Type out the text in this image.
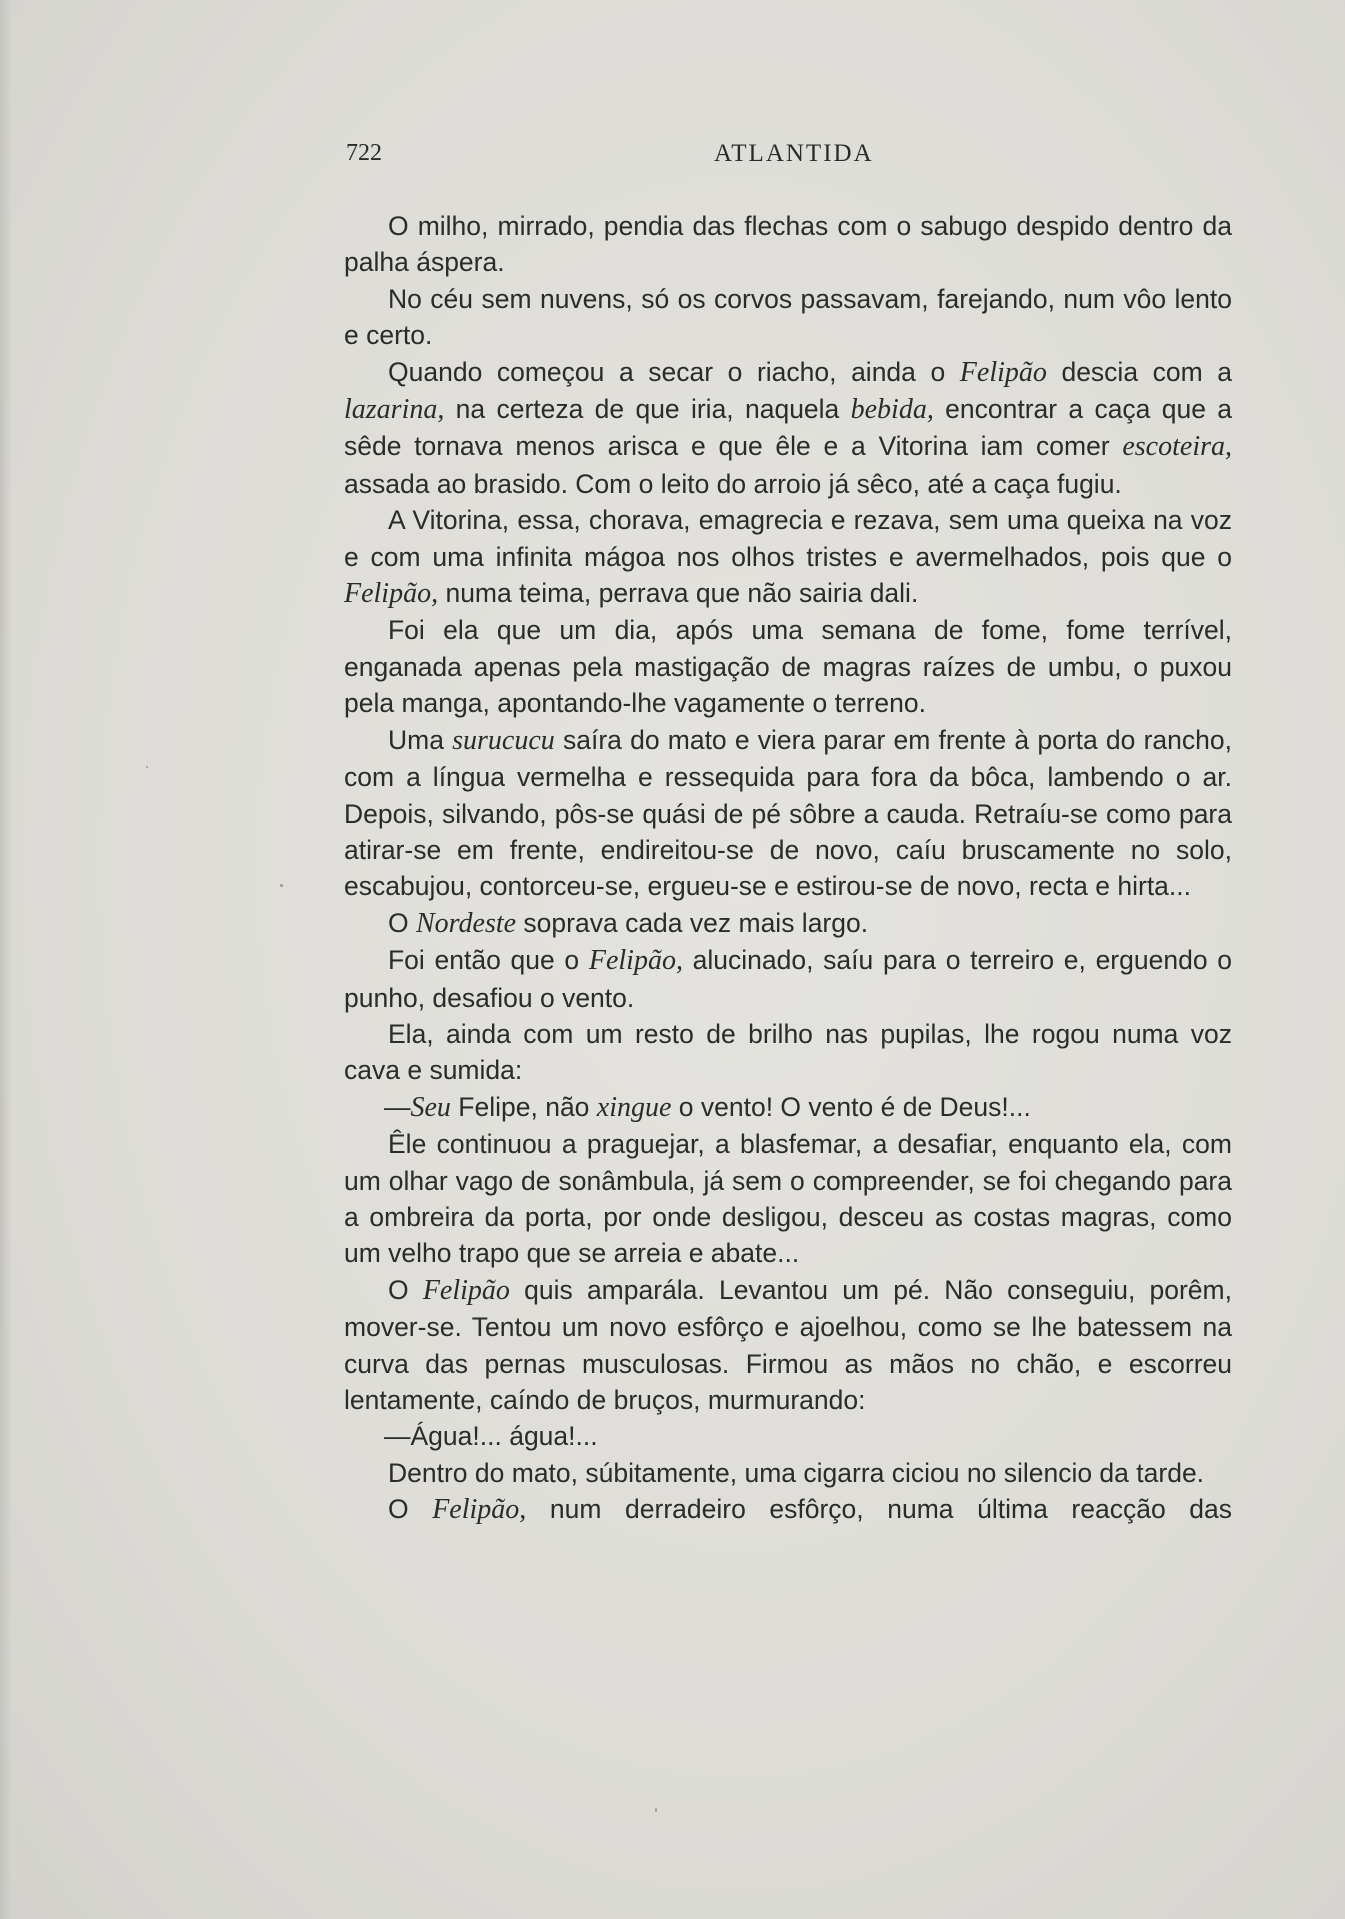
722	ATLANTIDA

O milho, mirrado, pendia das flechas com o sabugo despido dentro da palha áspera.

No céu sem nuvens, só os corvos passavam, farejando, num vôo lento e certo.

Quando começou a secar o riacho, ainda o Felipão descia com a lazarina, na certeza de que iria, naquela bebida, encontrar a caça que a sêde tornava menos arisca e que êle e a Vitorina iam comer escoteira, assada ao brasido. Com o leito do arroio já sêco, até a caça fugiu.

A Vitorina, essa, chorava, emagrecia e rezava, sem uma queixa na voz e com uma infinita mágoa nos olhos tristes e avermelhados, pois que o Felipão, numa teima, perrava que não sairia dali.

Foi ela que um dia, após uma semana de fome, fome terrível, enganada apenas pela mastigação de magras raízes de umbu, o puxou pela manga, apontando-lhe vagamente o terreno.

Uma surucucu saíra do mato e viera parar em frente à porta do rancho, com a língua vermelha e ressequida para fora da bôca, lambendo o ar. Depois, silvando, pôs-se quási de pé sôbre a cauda. Retraíu-se como para atirar-se em frente, endireitou-se de novo, caíu bruscamente no solo, escabujou, contorceu-se, ergueu-se e estirou-se de novo, recta e hirta...

O Nordeste soprava cada vez mais largo.

Foi então que o Felipão, alucinado, saíu para o terreiro e, erguendo o punho, desafiou o vento.

Ela, ainda com um resto de brilho nas pupilas, lhe rogou numa voz cava e sumida:

—Seu Felipe, não xingue o vento! O vento é de Deus!...

Êle continuou a praguejar, a blasfemar, a desafiar, enquanto ela, com um olhar vago de sonâmbula, já sem o compreender, se foi chegando para a ombreira da porta, por onde desligou, desceu as costas magras, como um velho trapo que se arreia e abate...

O Felipão quis amparála. Levantou um pé. Não conseguiu, porêm, mover-se. Tentou um novo esfôrço e ajoelhou, como se lhe batessem na curva das pernas musculosas. Firmou as mãos no chão, e escorreu lentamente, caíndo de bruços, murmurando:

—Água!... água!...

Dentro do mato, súbitamente, uma cigarra ciciou no silencio da tarde.

O Felipão, num derradeiro esfôrço, numa última reacção das
